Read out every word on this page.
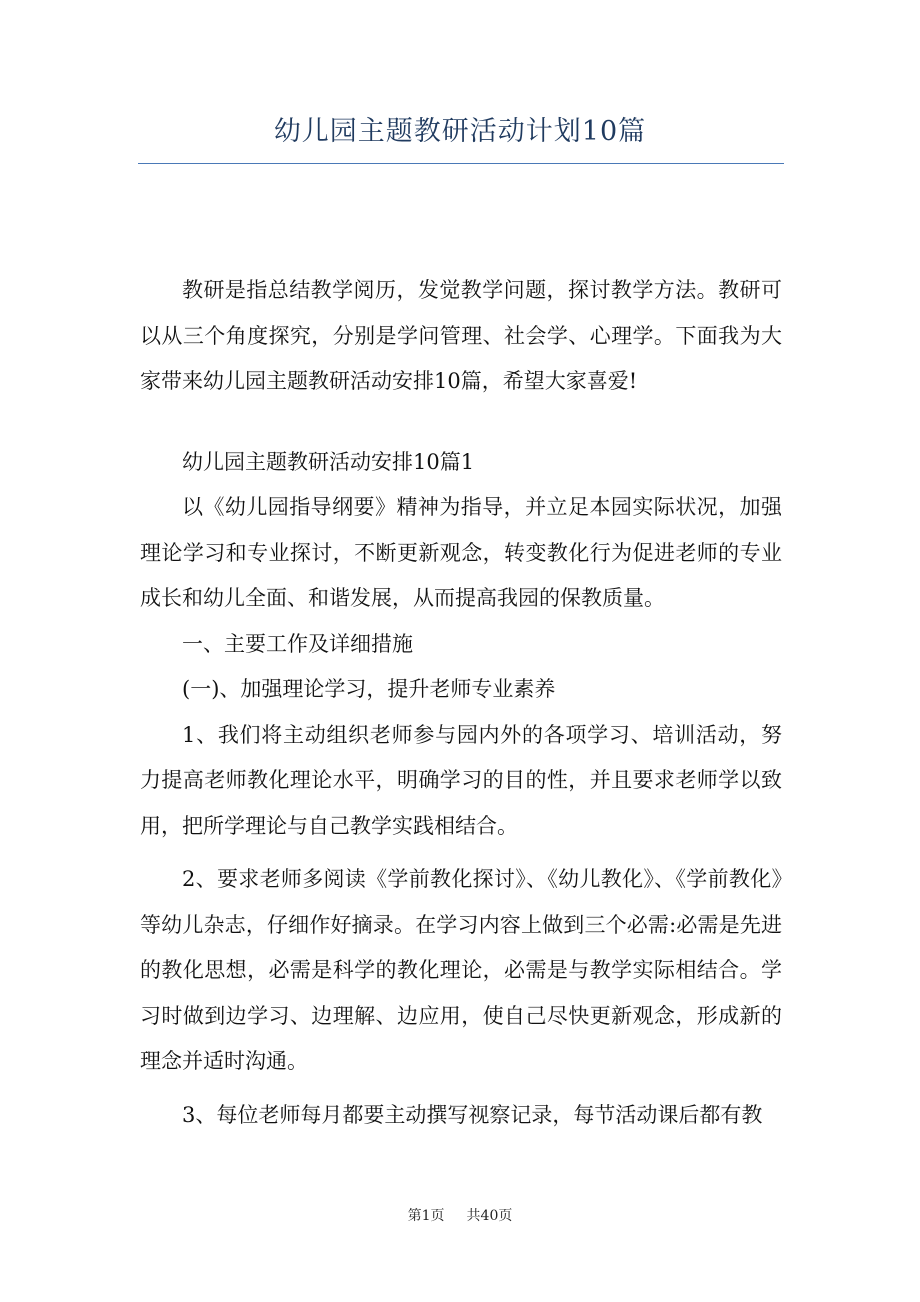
幼儿园主题教研活动计划10篇

教研是指总结教学阅历，发觉教学问题，探讨教学方法。教研可以从三个角度探究，分别是学问管理、社会学、心理学。下面我为大家带来幼儿园主题教研活动安排10篇，希望大家喜爱!

幼儿园主题教研活动安排10篇1

以《幼儿园指导纲要》精神为指导，并立足本园实际状况，加强理论学习和专业探讨，不断更新观念，转变教化行为促进老师的专业成长和幼儿全面、和谐发展，从而提高我园的保教质量。

一、主要工作及详细措施

(一)、加强理论学习，提升老师专业素养

1、我们将主动组织老师参与园内外的各项学习、培训活动，努力提高老师教化理论水平，明确学习的目的性，并且要求老师学以致用，把所学理论与自己教学实践相结合。

2、要求老师多阅读《学前教化探讨》、《幼儿教化》、《学前教化》等幼儿杂志，仔细作好摘录。在学习内容上做到三个必需:必需是先进的教化思想，必需是科学的教化理论，必需是与教学实际相结合。学习时做到边学习、边理解、边应用，使自己尽快更新观念，形成新的理念并适时沟通。

3、每位老师每月都要主动撰写视察记录，每节活动课后都有教

第1页 共40页
